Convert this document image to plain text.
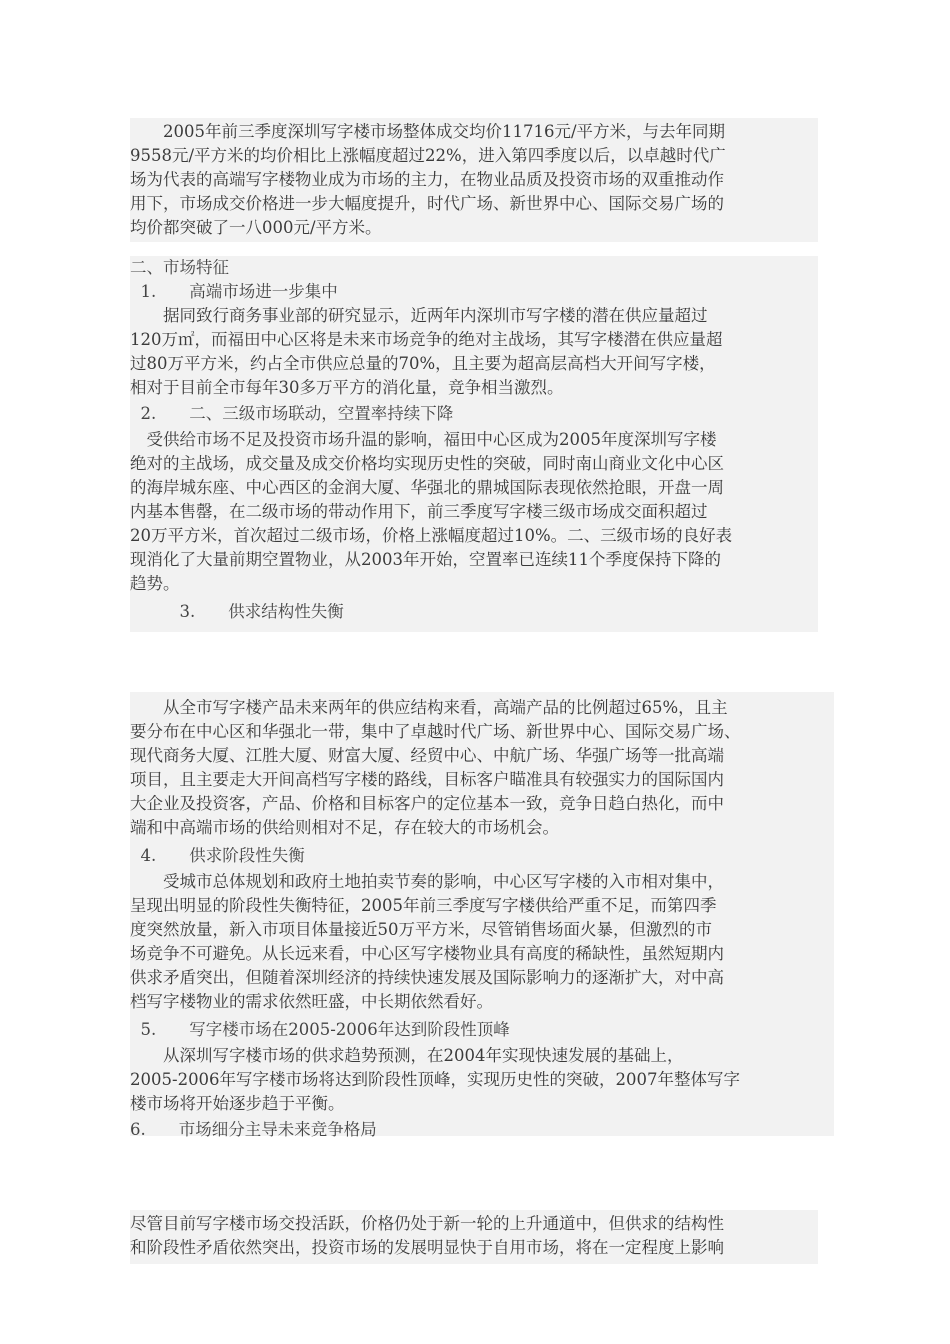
　　2005年前三季度深圳写字楼市场整体成交均价11716元/平方米，与去年同期
9558元/平方米的均价相比上涨幅度超过22%，进入第四季度以后，以卓越时代广
场为代表的高端写字楼物业成为市场的主力，在物业品质及投资市场的双重推动作
用下，市场成交价格进一步大幅度提升，时代广场、新世界中心、国际交易广场的
均价都突破了一八000元/平方米。
二、市场特征
1.　　高端市场进一步集中
　　据同致行商务事业部的研究显示，近两年内深圳市写字楼的潜在供应量超过
120万㎡，而福田中心区将是未来市场竞争的绝对主战场，其写字楼潜在供应量超
过80万平方米，约占全市供应总量的70%，且主要为超高层高档大开间写字楼，
相对于目前全市每年30多万平方的消化量，竞争相当激烈。
2.　　二、三级市场联动，空置率持续下降
　受供给市场不足及投资市场升温的影响，福田中心区成为2005年度深圳写字楼
绝对的主战场，成交量及成交价格均实现历史性的突破，同时南山商业文化中心区
的海岸城东座、中心西区的金润大厦、华强北的鼎城国际表现依然抢眼，开盘一周
内基本售罄，在二级市场的带动作用下，前三季度写字楼三级市场成交面积超过
20万平方米，首次超过二级市场，价格上涨幅度超过10%。二、三级市场的良好表
现消化了大量前期空置物业，从2003年开始，空置率已连续11个季度保持下降的
趋势。
　　　3.　　供求结构性失衡
　　从全市写字楼产品未来两年的供应结构来看，高端产品的比例超过65%，且主
要分布在中心区和华强北一带，集中了卓越时代广场、新世界中心、国际交易广场、
现代商务大厦、江胜大厦、财富大厦、经贸中心、中航广场、华强广场等一批高端
项目，且主要走大开间高档写字楼的路线，目标客户瞄准具有较强实力的国际国内
大企业及投资客，产品、价格和目标客户的定位基本一致，竞争日趋白热化，而中
端和中高端市场的供给则相对不足，存在较大的市场机会。
4.　　供求阶段性失衡
　　受城市总体规划和政府土地拍卖节奏的影响，中心区写字楼的入市相对集中，
呈现出明显的阶段性失衡特征，2005年前三季度写字楼供给严重不足，而第四季
度突然放量，新入市项目体量接近50万平方米，尽管销售场面火暴，但激烈的市
场竞争不可避免。从长远来看，中心区写字楼物业具有高度的稀缺性，虽然短期内
供求矛盾突出，但随着深圳经济的持续快速发展及国际影响力的逐渐扩大，对中高
档写字楼物业的需求依然旺盛，中长期依然看好。
5.　　写字楼市场在2005-2006年达到阶段性顶峰
　　从深圳写字楼市场的供求趋势预测，在2004年实现快速发展的基础上，
2005-2006年写字楼市场将达到阶段性顶峰，实现历史性的突破，2007年整体写字
楼市场将开始逐步趋于平衡。
6.　　市场细分主导未来竞争格局
尽管目前写字楼市场交投活跃，价格仍处于新一轮的上升通道中，但供求的结构性
和阶段性矛盾依然突出，投资市场的发展明显快于自用市场，将在一定程度上影响
